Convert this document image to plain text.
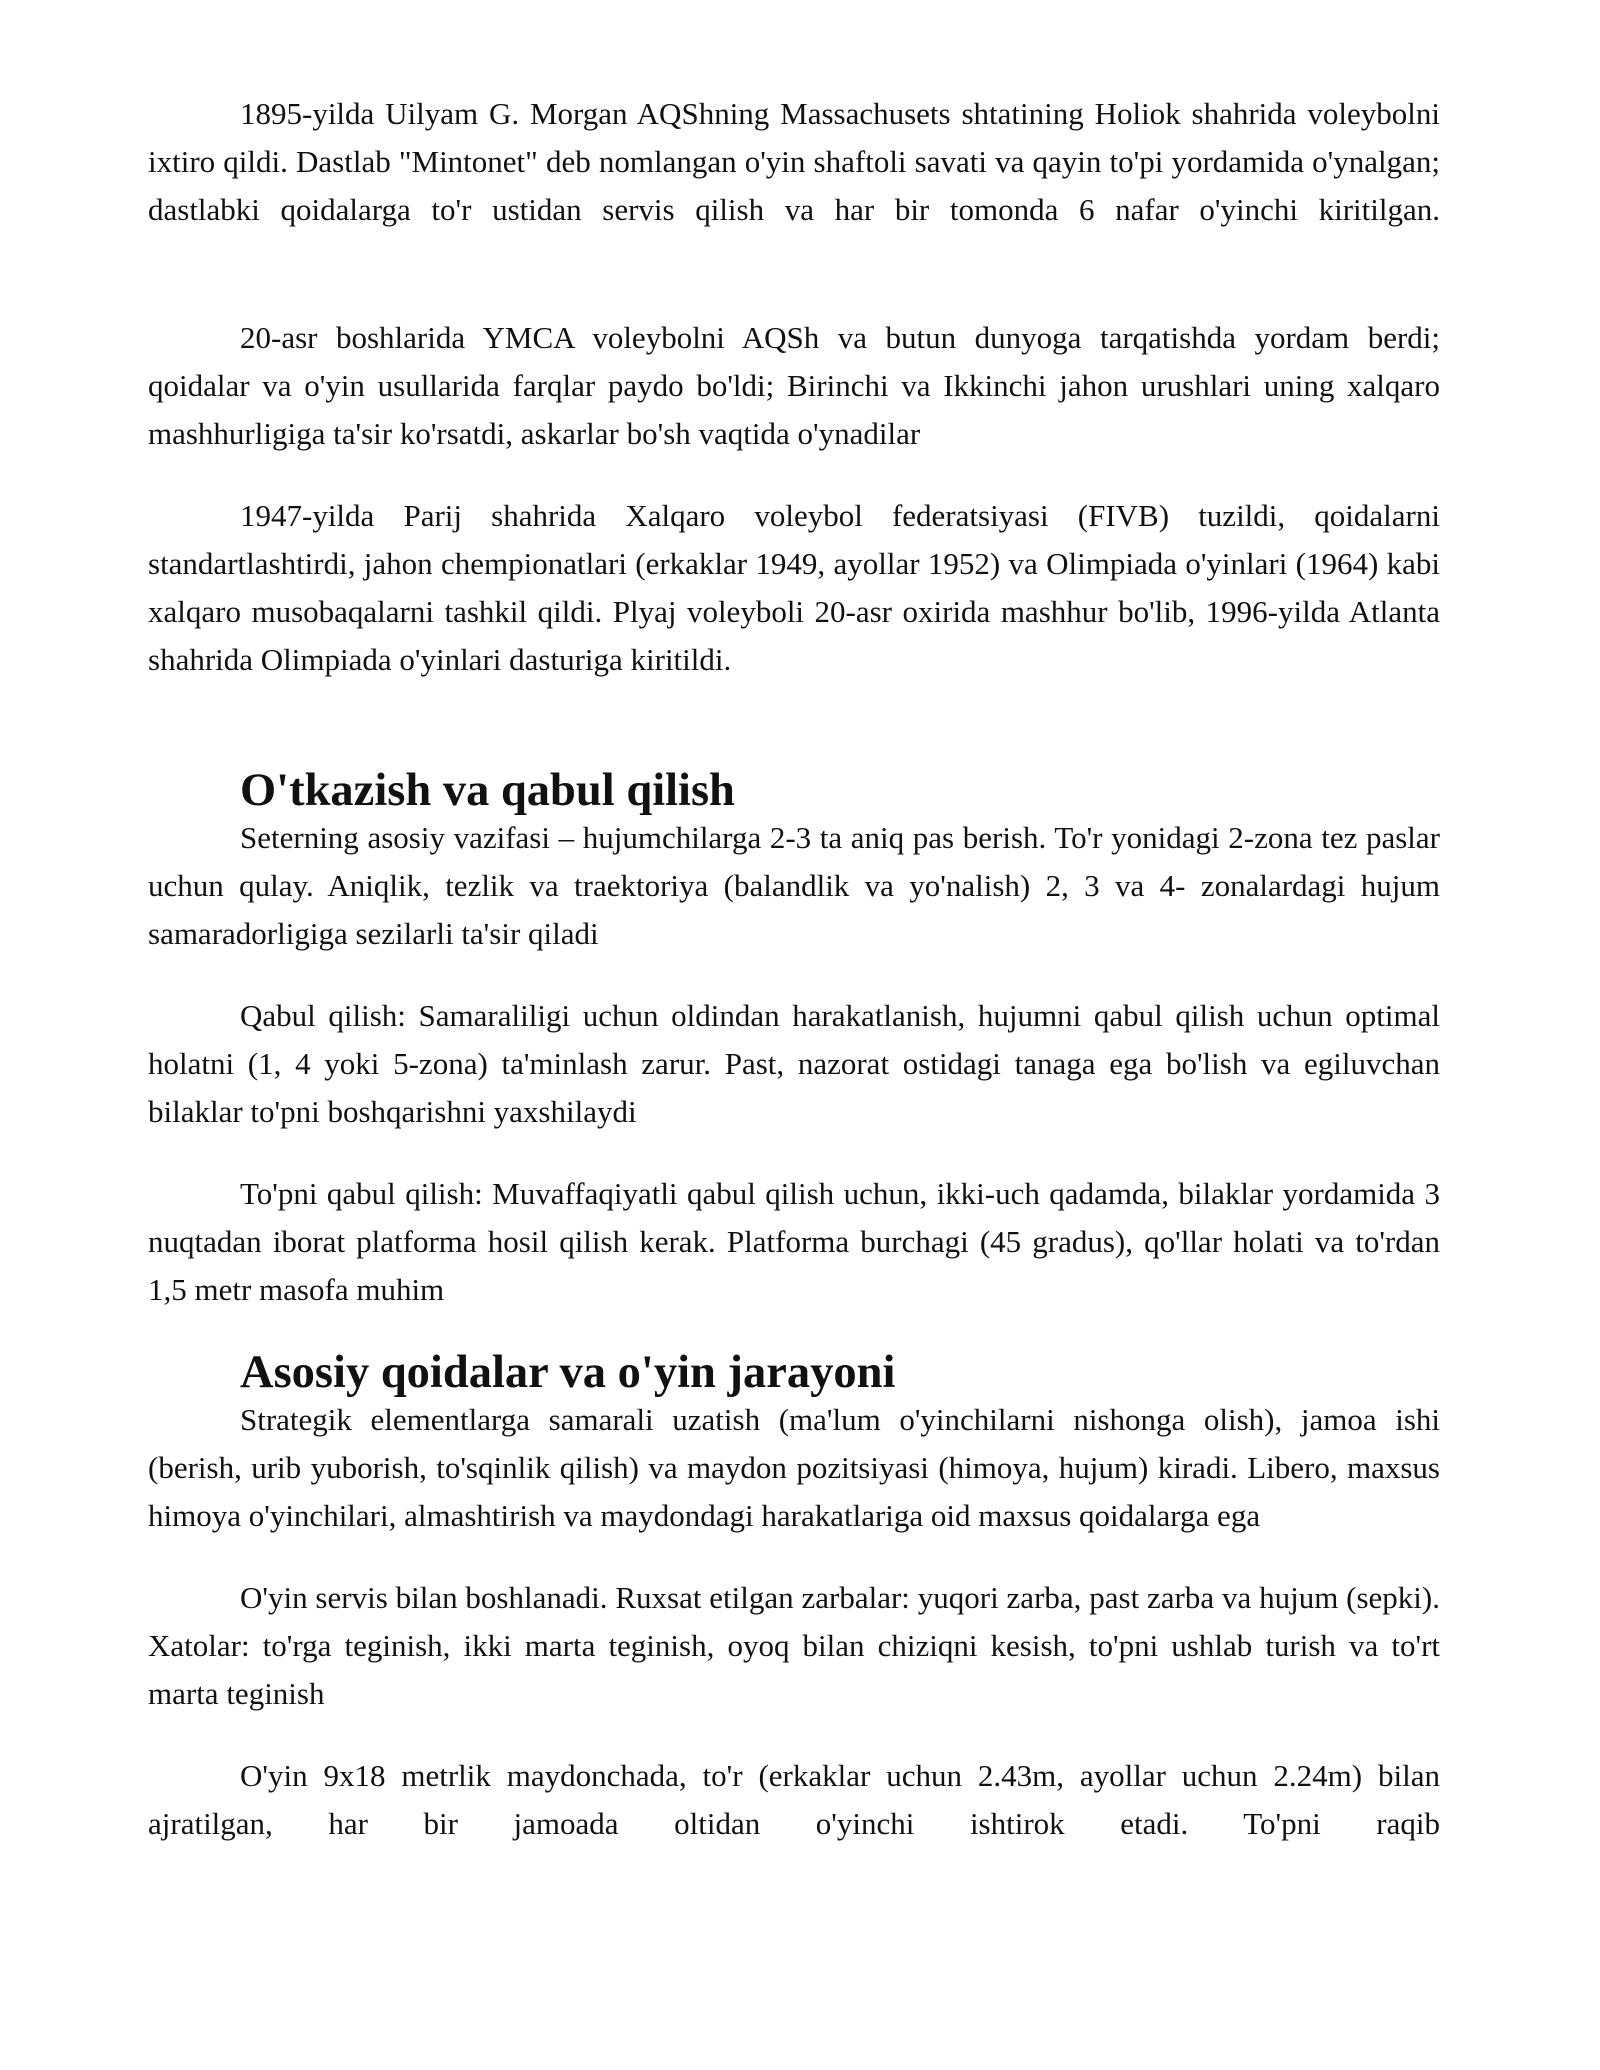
1895-yilda Uilyam G. Morgan AQShning Massachusets shtatining Holiok shahrida voleybolni ixtiro qildi. Dastlab "Mintonet" deb nomlangan o'yin shaftoli savati va qayin to'pi yordamida o'ynalgan; dastlabki qoidalarga to'r ustidan servis qilish va har bir tomonda 6 nafar o'yinchi kiritilgan.

20-asr boshlarida YMCA voleybolni AQSh va butun dunyoga tarqatishda yordam berdi; qoidalar va o'yin usullarida farqlar paydo bo'ldi; Birinchi va Ikkinchi jahon urushlari uning xalqaro mashhurligiga ta'sir ko'rsatdi, askarlar bo'sh vaqtida o'ynadilar

1947-yilda Parij shahrida Xalqaro voleybol federatsiyasi (FIVB) tuzildi, qoidalarni standartlashtirdi, jahon chempionatlari (erkaklar 1949, ayollar 1952) va Olimpiada o'yinlari (1964) kabi xalqaro musobaqalarni tashkil qildi. Plyaj voleyboli 20-asr oxirida mashhur bo'lib, 1996-yilda Atlanta shahrida Olimpiada o'yinlari dasturiga kiritildi.

O'tkazish va qabul qilish

Seterning asosiy vazifasi – hujumchilarga 2-3 ta aniq pas berish. To'r yonidagi 2-zona tez paslar uchun qulay. Aniqlik, tezlik va traektoriya (balandlik va yo'nalish) 2, 3 va 4- zonalardagi hujum samaradorligiga sezilarli ta'sir qiladi

Qabul qilish: Samaraliligi uchun oldindan harakatlanish, hujumni qabul qilish uchun optimal holatni (1, 4 yoki 5-zona) ta'minlash zarur. Past, nazorat ostidagi tanaga ega bo'lish va egiluvchan bilaklar to'pni boshqarishni yaxshilaydi

To'pni qabul qilish: Muvaffaqiyatli qabul qilish uchun, ikki-uch qadamda, bilaklar yordamida 3 nuqtadan iborat platforma hosil qilish kerak. Platforma burchagi (45 gradus), qo'llar holati va to'rdan 1,5 metr masofa muhim

Asosiy qoidalar va o'yin jarayoni

Strategik elementlarga samarali uzatish (ma'lum o'yinchilarni nishonga olish), jamoa ishi (berish, urib yuborish, to'sqinlik qilish) va maydon pozitsiyasi (himoya, hujum) kiradi. Libero, maxsus himoya o'yinchilari, almashtirish va maydondagi harakatlariga oid maxsus qoidalarga ega

O'yin servis bilan boshlanadi. Ruxsat etilgan zarbalar: yuqori zarba, past zarba va hujum (sepki). Xatolar: to'rga teginish, ikki marta teginish, oyoq bilan chiziqni kesish, to'pni ushlab turish va to'rt marta teginish

O'yin 9x18 metrlik maydonchada, to'r (erkaklar uchun 2.43m, ayollar uchun 2.24m) bilan ajratilgan, har bir jamoada oltidan o'yinchi ishtirok etadi. To'pni raqib
